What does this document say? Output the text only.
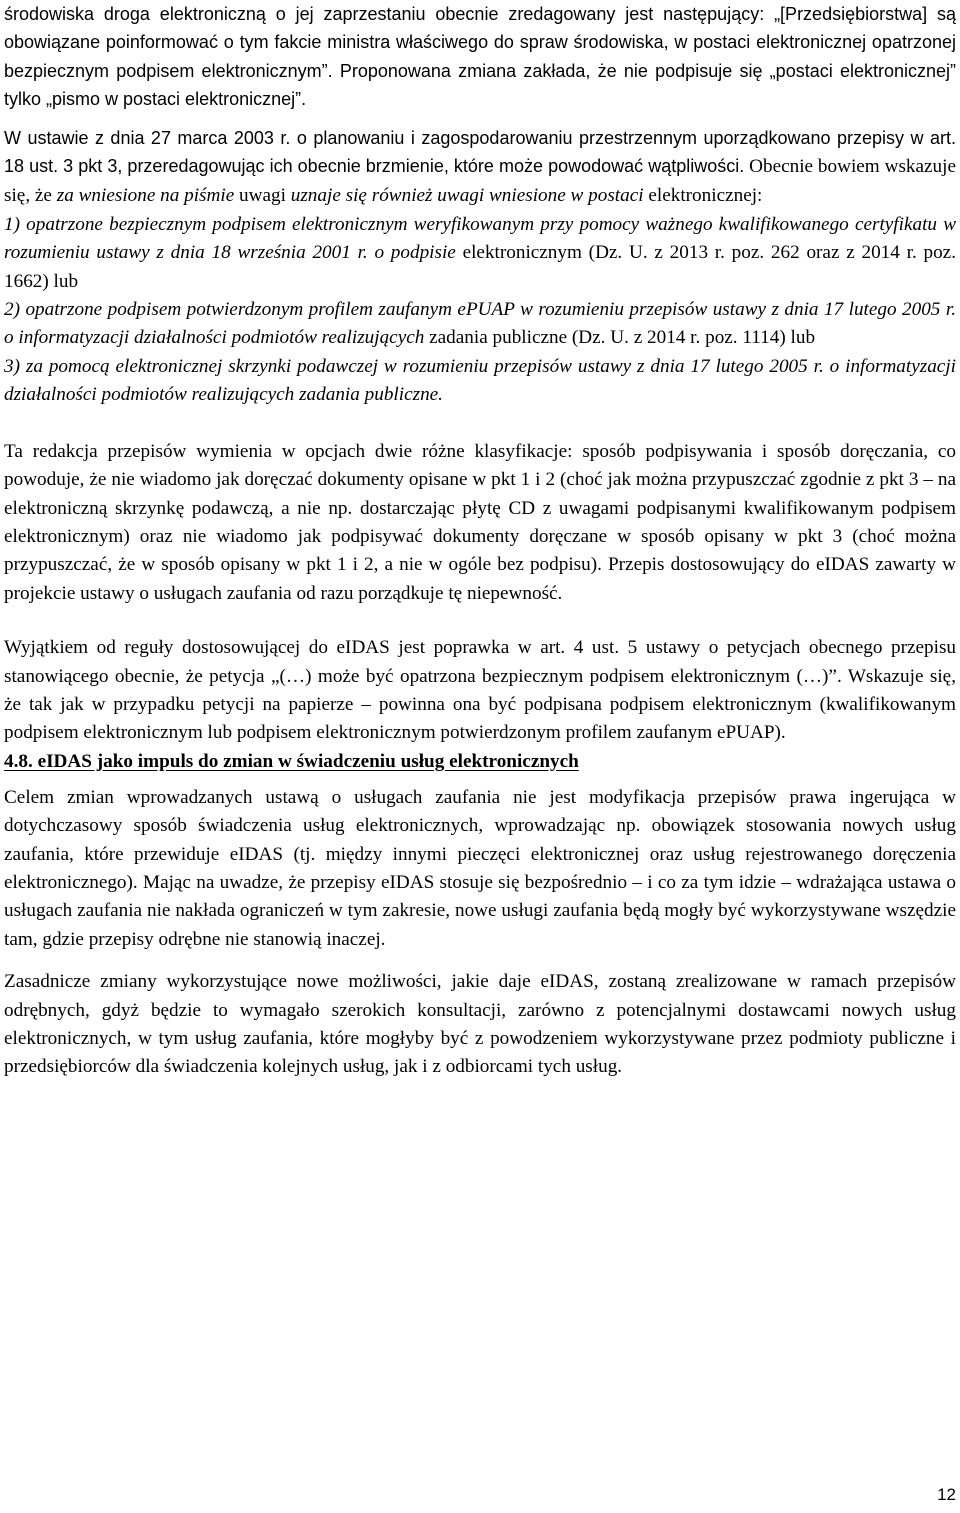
środowiska droga elektroniczną o jej zaprzestaniu obecnie zredagowany jest następujący: „[Przedsiębiorstwa] są obowiązane poinformować o tym fakcie ministra właściwego do spraw środowiska, w postaci elektronicznej opatrzonej bezpiecznym podpisem elektronicznym”. Proponowana zmiana zakłada, że nie podpisuje się „postaci elektronicznej” tylko „pismo w postaci elektronicznej”.

W ustawie z dnia 27 marca 2003 r. o planowaniu i zagospodarowaniu przestrzennym uporządkowano przepisy w art. 18 ust. 3 pkt 3, przeredagowując ich obecnie brzmienie, które może powodować wątpliwości. Obecnie bowiem wskazuje się, że za wniesione na piśmie uwagi uznaje się również uwagi wniesione w postaci elektronicznej:

1) opatrzone bezpiecznym podpisem elektronicznym weryfikowanym przy pomocy ważnego kwalifikowanego certyfikatu w rozumieniu ustawy z dnia 18 września 2001 r. o podpisie elektronicznym (Dz. U. z 2013 r. poz. 262 oraz z 2014 r. poz. 1662) lub

2) opatrzone podpisem potwierdzonym profilem zaufanym ePUAP w rozumieniu przepisów ustawy z dnia 17 lutego 2005 r. o informatyzacji działalności podmiotów realizujących zadania publiczne (Dz. U. z 2014 r. poz. 1114) lub

3) za pomocą elektronicznej skrzynki podawczej w rozumieniu przepisów ustawy z dnia 17 lutego 2005 r. o informatyzacji działalności podmiotów realizujących zadania publiczne.

Ta redakcja przepisów wymienia w opcjach dwie różne klasyfikacje: sposób podpisywania i sposób doręczania, co powoduje, że nie wiadomo jak doręczać dokumenty opisane w pkt 1 i 2 (choć jak można przypuszczać zgodnie z pkt 3 – na elektroniczną skrzynkę podawczą, a nie np. dostarczając płytę CD z uwagami podpisanymi kwalifikowanym podpisem elektronicznym) oraz nie wiadomo jak podpisywać dokumenty doręczane w sposób opisany w pkt 3 (choć można przypuszczać, że w sposób opisany w pkt 1 i 2, a nie w ogóle bez podpisu). Przepis dostosowujący do eIDAS zawarty w projekcie ustawy o usługach zaufania od razu porządkuje tę niepewność.

Wyjątkiem od reguły dostosowującej do eIDAS jest poprawka w art. 4 ust. 5 ustawy o petycjach obecnego przepisu stanowiącego obecnie, że petycja „(…) może być opatrzona bezpiecznym podpisem elektronicznym (…)”. Wskazuje się, że tak jak w przypadku petycji na papierze – powinna ona być podpisana podpisem elektronicznym (kwalifikowanym podpisem elektronicznym lub podpisem elektronicznym potwierdzonym profilem zaufanym ePUAP).

4.8. eIDAS jako impuls do zmian w świadczeniu usług elektronicznych

Celem zmian wprowadzanych ustawą o usługach zaufania nie jest modyfikacja przepisów prawa ingerująca w dotychczasowy sposób świadczenia usług elektronicznych, wprowadzając np. obowiązek stosowania nowych usług zaufania, które przewiduje eIDAS (tj. między innymi pieczęci elektronicznej oraz usług rejestrowanego doręczenia elektronicznego). Mając na uwadze, że przepisy eIDAS stosuje się bezpośrednio – i co za tym idzie – wdrażająca ustawa o usługach zaufania nie nakłada ograniczeń w tym zakresie, nowe usługi zaufania będą mogły być wykorzystywane wszędzie tam, gdzie przepisy odrębne nie stanowią inaczej.

Zasadnicze zmiany wykorzystujące nowe możliwości, jakie daje eIDAS, zostaną zrealizowane w ramach przepisów odrębnych, gdyż będzie to wymagało szerokich konsultacji, zarówno z potencjalnymi dostawcami nowych usług elektronicznych, w tym usług zaufania, które mogłyby być z powodzeniem wykorzystywane przez podmioty publiczne i przedsiębiorców dla świadczenia kolejnych usług, jak i z odbiorcami tych usług.

12
